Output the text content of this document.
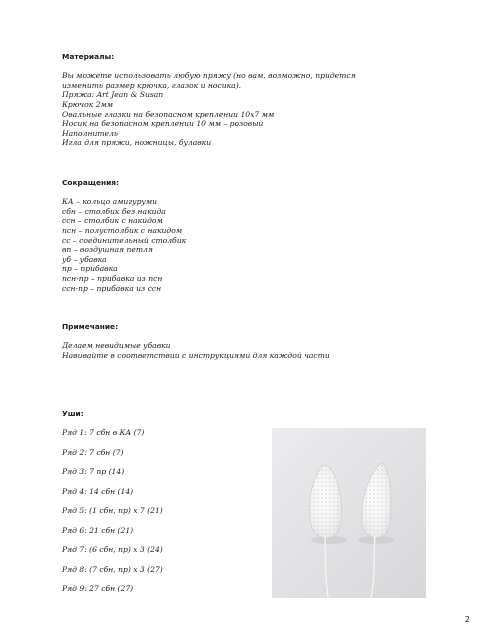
Материалы:

Вы можете использовать любую пряжу (но вам, возможно, придется

изменить размер крючка, глазок и носика).

Пряжа: Art Jean & Susan

Крючок 2мм

Овальные глазки на безопасном креплении 10х7 мм

Носик на безопасном креплении 10 мм – розовый

Наполнитель

Игла для пряжи, ножницы, булавки

Сокращения:

КА – кольцо амигуруми

сбн – столбик без накида

ссн – столбик с накидом

псн – полустолбик с накидом

сс – соединительный столбик

вп – воздушная петля

уб – убавка

пр – прибавка

псн-пр – прибавка из псн

ссн-пр – прибавка из ссн

Примечание:

Делаем невидимые убавки

Навивайте в соответствии с инструкциями для каждой части

Уши:

Ряд 1: 7 сбн в КА (7)
Ряд 2: 7 сбн (7)
Ряд 3: 7 пр (14)
Ряд 4: 14 сбн (14)
Ряд 5: (1 сбн, пр) х 7 (21)
Ряд 6: 21 сбн (21)
Ряд 7: (6 сбн, пр) х 3 (24)
Ряд 8: (7 сбн, пр) х 3 (27)
Ряд 9: 27 сбн (27)
2
